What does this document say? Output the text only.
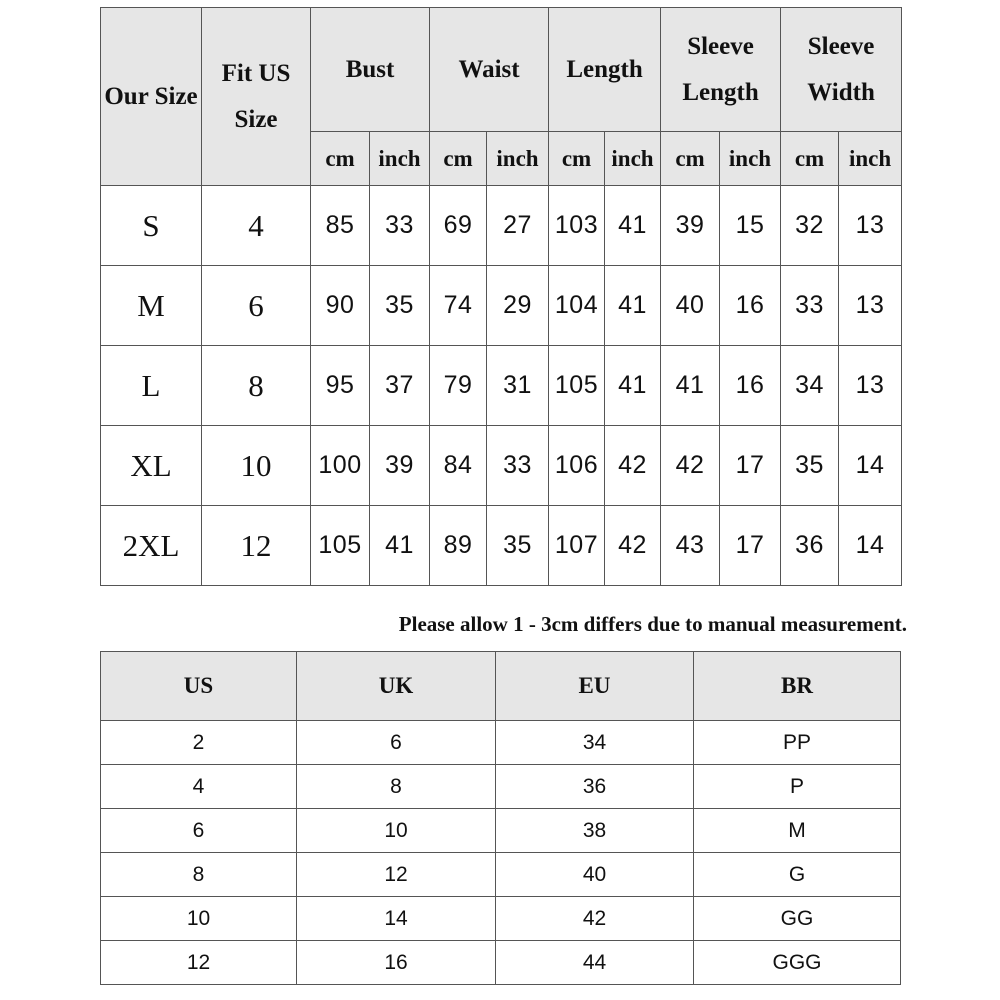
Our Size	Fit US Size	Bust		Waist		Length		Sleeve Length		Sleeve Width	

		cm	inch	cm	inch	cm	inch	cm	inch	cm	inch
S	4	85	33	69	27	103	41	39	15	32	13
M	6	90	35	74	29	104	41	40	16	33	13
L	8	95	37	79	31	105	41	41	16	34	13
XL	10	100	39	84	33	106	42	42	17	35	14
2XL	12	105	41	89	35	107	42	43	17	36	14
Please allow 1 - 3cm differs due to manual measurement.
US	UK	EU	BR
2	6	34	PP
4	8	36	P
6	10	38	M
8	12	40	G
10	14	42	GG
12	16	44	GGG
